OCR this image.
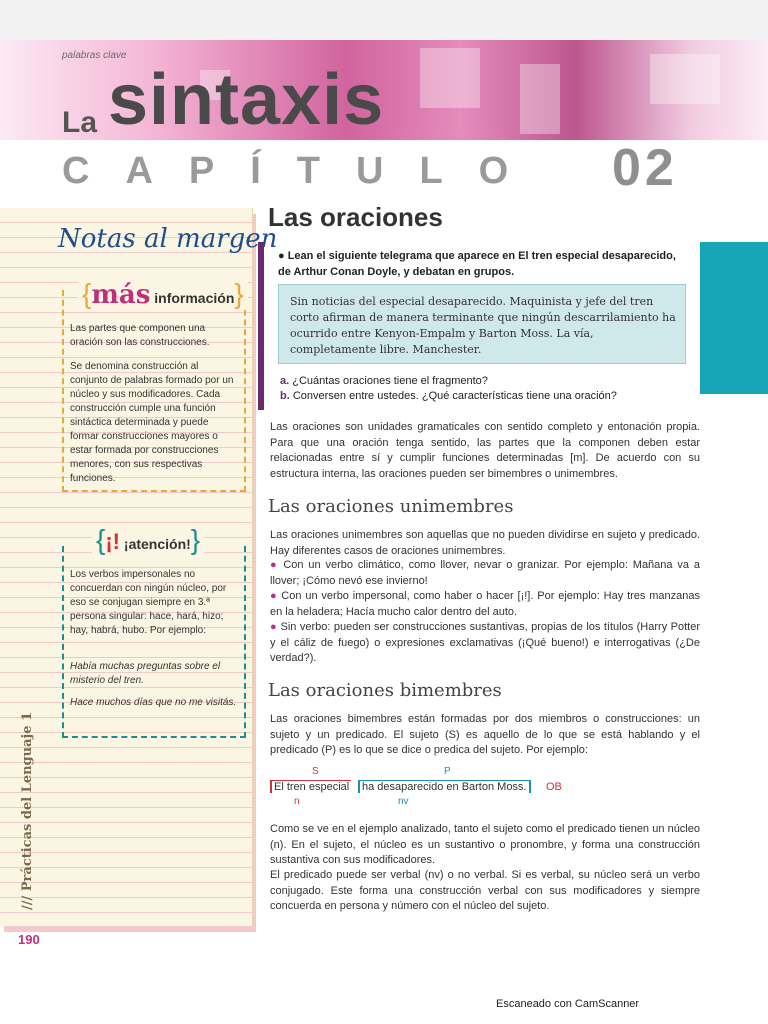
palabras clave
La sintaxis
CAPÍTULO 02
Notas al margen
{más información}
Las partes que componen una oración son las construcciones.
Se denomina construcción al conjunto de palabras formado por un núcleo y sus modificadores. Cada construcción cumple una función sintáctica determinada y puede formar construcciones mayores o estar formada por construcciones menores, con sus respectivas funciones.
{¡! ¡atención!}
Los verbos impersonales no concuerdan con ningún núcleo, por eso se conjugan siempre en 3.ª persona singular: hace, hará, hizo; hay, habrá, hubo. Por ejemplo:
Había muchas preguntas sobre el misterio del tren.
Hace muchos días que no me visitás.
/// Prácticas del Lenguaje 1
190
Las oraciones
● Lean el siguiente telegrama que aparece en El tren especial desaparecido, de Arthur Conan Doyle, y debatan en grupos.
Sin noticias del especial desaparecido. Maquinista y jefe del tren corto afirman de manera terminante que ningún descarrilamiento ha ocurrido entre Kenyon-Empalm y Barton Moss. La vía, completamente libre. Manchester.
a. ¿Cuántas oraciones tiene el fragmento?
b. Conversen entre ustedes. ¿Qué características tiene una oración?
Las oraciones son unidades gramaticales con sentido completo y entonación propia. Para que una oración tenga sentido, las partes que la componen deben estar relacionadas entre sí y cumplir funciones determinadas [m]. De acuerdo con su estructura interna, las oraciones pueden ser bimembres o unimembres.
Las oraciones unimembres
Las oraciones unimembres son aquellas que no pueden dividirse en sujeto y predicado. Hay diferentes casos de oraciones unimembres.
● Con un verbo climático, como llover, nevar o granizar. Por ejemplo: Mañana va a llover; ¡Cómo nevó ese invierno!
● Con un verbo impersonal, como haber o hacer [¡!]. Por ejemplo: Hay tres manzanas en la heladera; Hacía mucho calor dentro del auto.
● Sin verbo: pueden ser construcciones sustantivas, propias de los títulos (Harry Potter y el cáliz de fuego) o expresiones exclamativas (¡Qué bueno!) e interrogativas (¿De verdad?).
Las oraciones bimembres
Las oraciones bimembres están formadas por dos miembros o construcciones: un sujeto y un predicado. El sujeto (S) es aquello de lo que se está hablando y el predicado (P) es lo que se dice o predica del sujeto. Por ejemplo:
S	P
El tren especial	ha desaparecido en Barton Moss.	OB
n	nv
Como se ve en el ejemplo analizado, tanto el sujeto como el predicado tienen un núcleo (n). En el sujeto, el núcleo es un sustantivo o pronombre, y forma una construcción sustantiva con sus modificadores.
El predicado puede ser verbal (nv) o no verbal. Si es verbal, su núcleo será un verbo conjugado. Este forma una construcción verbal con sus modificadores y siempre concuerda en persona y número con el núcleo del sujeto.
Escaneado con CamScanner
